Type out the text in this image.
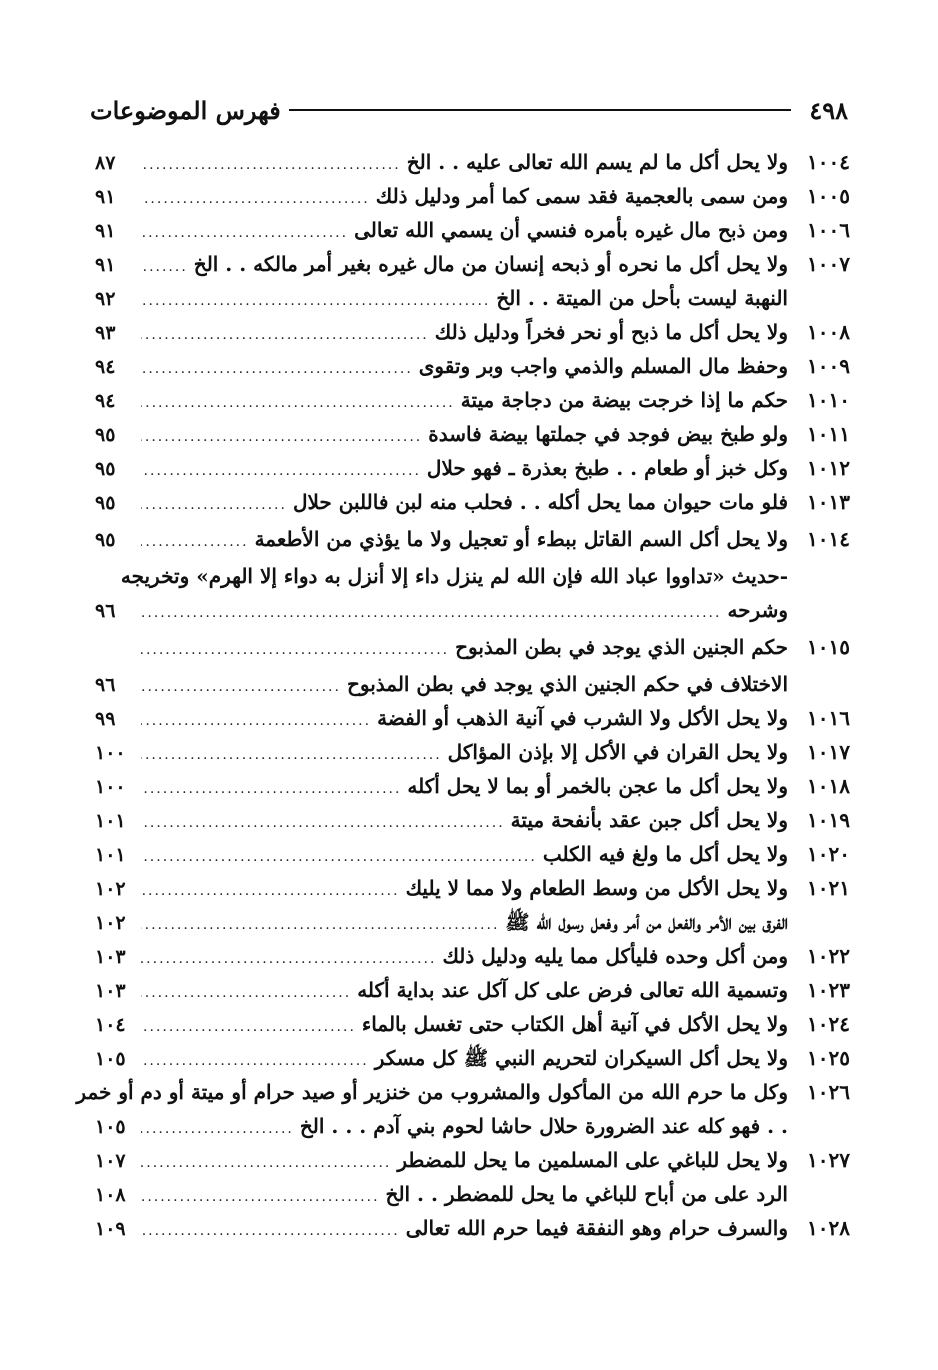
٤٩٨
فهرس الموضوعات
١٠٠٤
ولا يحل أكل ما لم يسم الله تعالى عليه . . الخ
.....
٨٧
١٠٠٥
ومن سمى بالعجمية فقد سمى كما أمر ودليل ذلك
.....
٩١
١٠٠٦
ومن ذبح مال غيره بأمره فنسي أن يسمي الله تعالى
.....
٩١
١٠٠٧
ولا يحل أكل ما نحره أو ذبحه إنسان من مال غيره بغير أمر مالكه . . الخ
.....
٩١
النهبة ليست بأحل من الميتة . . الخ
.....
٩٢
١٠٠٨
ولا يحل أكل ما ذبح أو نحر فخراً ودليل ذلك
.....
٩٣
١٠٠٩
وحفظ مال المسلم والذمي واجب وبر وتقوى
.....
٩٤
١٠١٠
حكم ما إذا خرجت بيضة من دجاجة ميتة
.....
٩٤
١٠١١
ولو طبخ بيض فوجد في جملتها بيضة فاسدة
.....
٩٥
١٠١٢
وكل خبز أو طعام . . طبخ بعذرة ـ فهو حلال
.....
٩٥
١٠١٣
فلو مات حيوان مما يحل أكله . . فحلب منه لبن فاللبن حلال
.....
٩٥
١٠١٤
ولا يحل أكل السم القاتل ببطء أو تعجيل ولا ما يؤذي من الأطعمة
.....
٩٥
-حديث «تداووا عباد الله فإن الله لم ينزل داء إلا أنزل به دواء إلا الهرم» وتخريجه
وشرحه
.....
٩٦
١٠١٥
حكم الجنين الذي يوجد في بطن المذبوح
.....
الاختلاف في حكم الجنين الذي يوجد في بطن المذبوح
.....
٩٦
١٠١٦
ولا يحل الأكل ولا الشرب في آنية الذهب أو الفضة
.....
٩٩
١٠١٧
ولا يحل القران في الأكل إلا بإذن المؤاكل
.....
١٠٠
١٠١٨
ولا يحل أكل ما عجن بالخمر أو بما لا يحل أكله
.....
١٠٠
١٠١٩
ولا يحل أكل جبن عقد بأنفحة ميتة
.....
١٠١
١٠٢٠
ولا يحل أكل ما ولغ فيه الكلب
.....
١٠١
١٠٢١
ولا يحل الأكل من وسط الطعام ولا مما لا يليك
.....
١٠٢
الفرق بين الأمر والفعل من أمر وفعل رسول الله ﷺ
.....
١٠٢
١٠٢٢
ومن أكل وحده فليأكل مما يليه ودليل ذلك
.....
١٠٣
١٠٢٣
وتسمية الله تعالى فرض على كل آكل عند بداية أكله
.....
١٠٣
١٠٢٤
ولا يحل الأكل في آنية أهل الكتاب حتى تغسل بالماء
.....
١٠٤
١٠٢٥
ولا يحل أكل السيكران لتحريم النبي ﷺ كل مسكر
.....
١٠٥
١٠٢٦
وكل ما حرم الله من المأكول والمشروب من خنزير أو صيد حرام أو ميتة أو دم أو خمر
. . فهو كله عند الضرورة حلال حاشا لحوم بني آدم . . . الخ
.....
١٠٥
١٠٢٧
ولا يحل للباغي على المسلمين ما يحل للمضطر
.....
١٠٧
الرد على من أباح للباغي ما يحل للمضطر . . الخ
.....
١٠٨
١٠٢٨
والسرف حرام وهو النفقة فيما حرم الله تعالى
.....
١٠٩
